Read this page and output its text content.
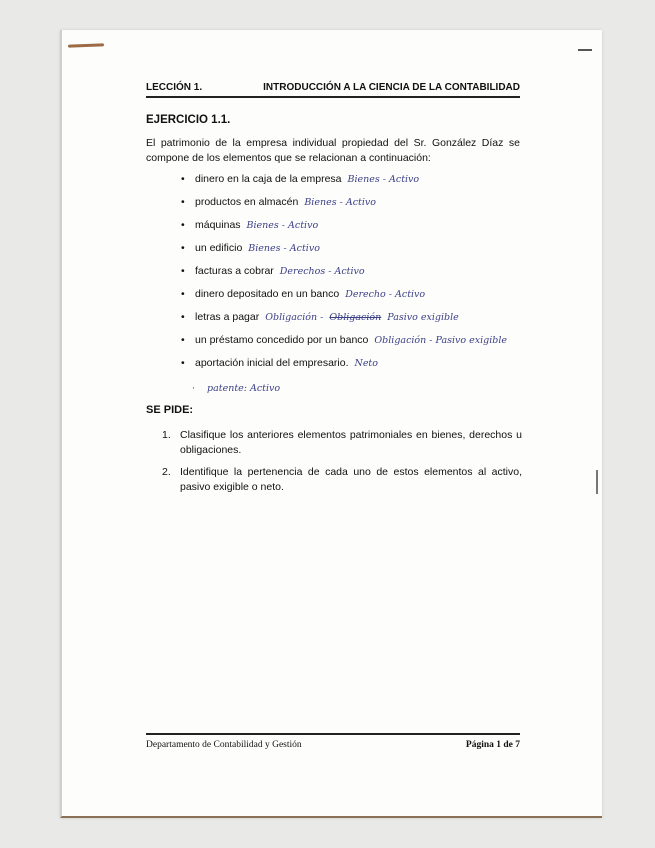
LECCIÓN 1.	INTRODUCCIÓN A LA CIENCIA DE LA CONTABILIDAD
EJERCICIO 1.1.
El patrimonio de la empresa individual propiedad del Sr. González Díaz se compone de los elementos que se relacionan a continuación:
• dinero en la caja de la empresa Bienes - Activo
• productos en almacén Bienes - Activo
• máquinas Bienes - Activo
• un edificio Bienes - Activo
• facturas a cobrar Derechos - Activo
• dinero depositado en un banco Derecho - Activo
• letras a pagar Obligación - Obligación Pasivo exigible
• un préstamo concedido por un banco Obligación - Pasivo exigible
• aportación inicial del empresario. Neto
· patente: Activo
SE PIDE:
1. Clasifique los anteriores elementos patrimoniales en bienes, derechos u obligaciones.
2. Identifique la pertenencia de cada uno de estos elementos al activo, pasivo exigible o neto.
Departamento de Contabilidad y Gestión	Página 1 de 7
